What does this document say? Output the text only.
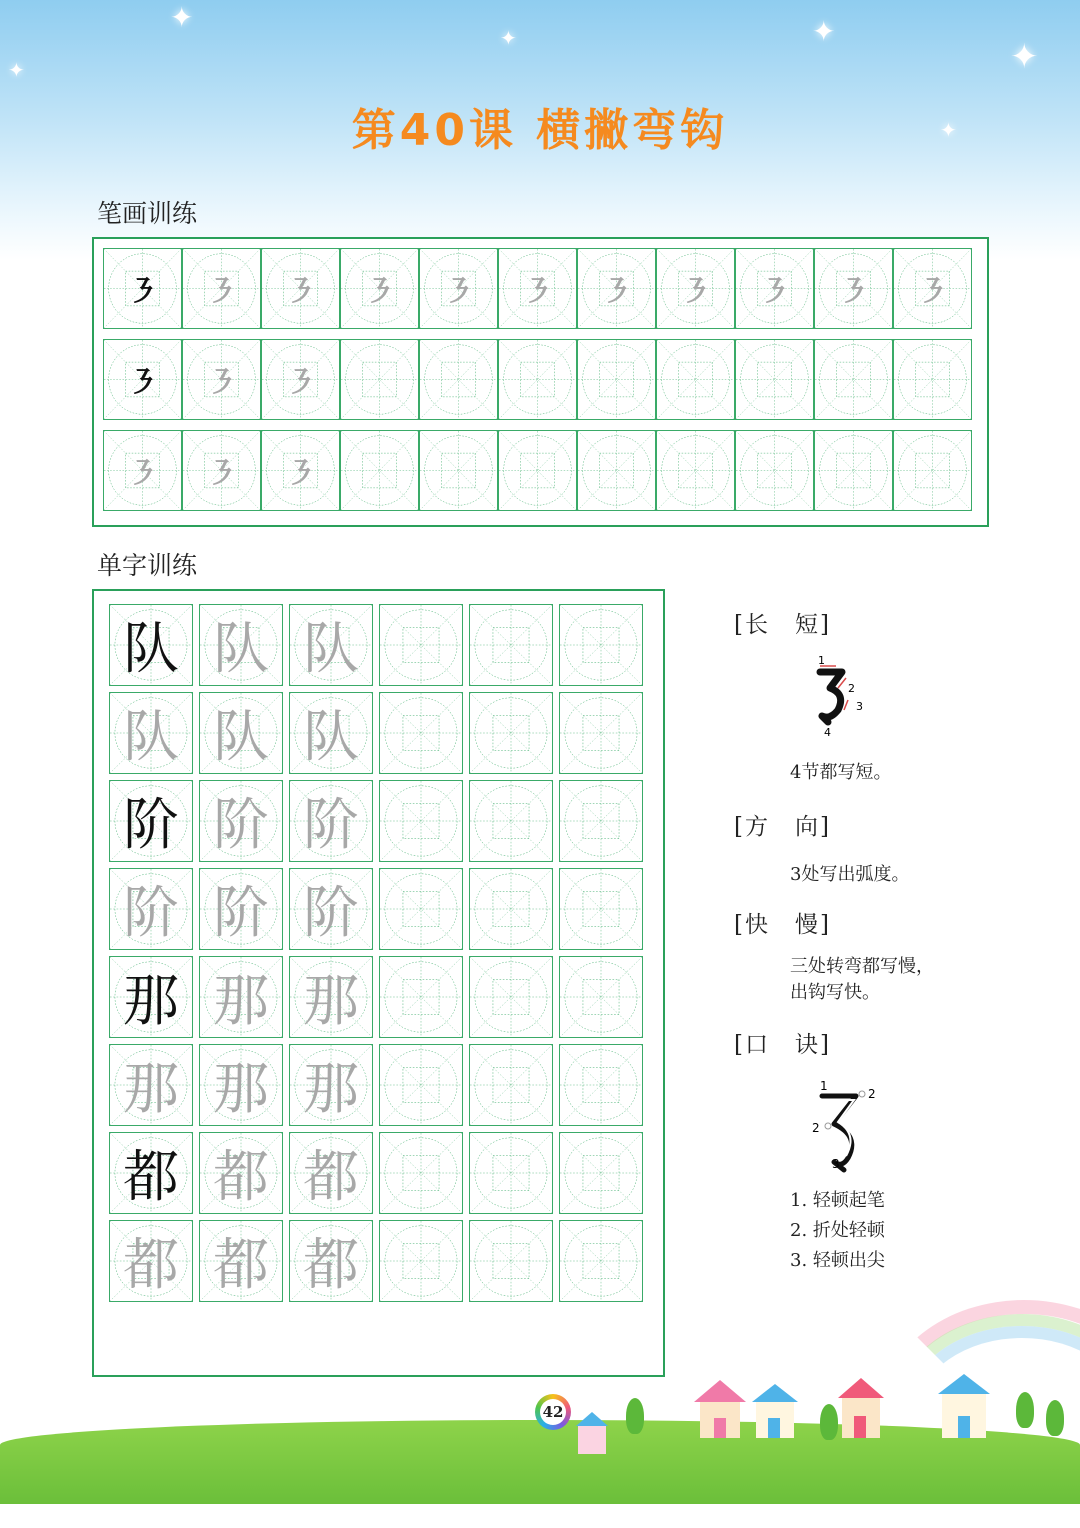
✦
✦
✦	✦
✦
✦
第40课 横撇弯钩
笔画训练
㇋	㇋	㇋	㇋	㇋	㇋	㇋	㇋	㇋	㇋	㇋
㇋	㇋	㇋
㇋	㇋	㇋
单字训练
队 队 队
队 队 队
阶 阶 阶
阶 阶 阶
那 那 那
那 那 那
都 都 都
都 都 都
[长　短]
1
2
3
4
4节都写短。
[方　向]
3处写出弧度。
[快　慢]
三处转弯都写慢，
出钩写快。
[口　诀]
1
2
2
3
1. 轻顿起笔
2. 折处轻顿
3. 轻顿出尖
42
